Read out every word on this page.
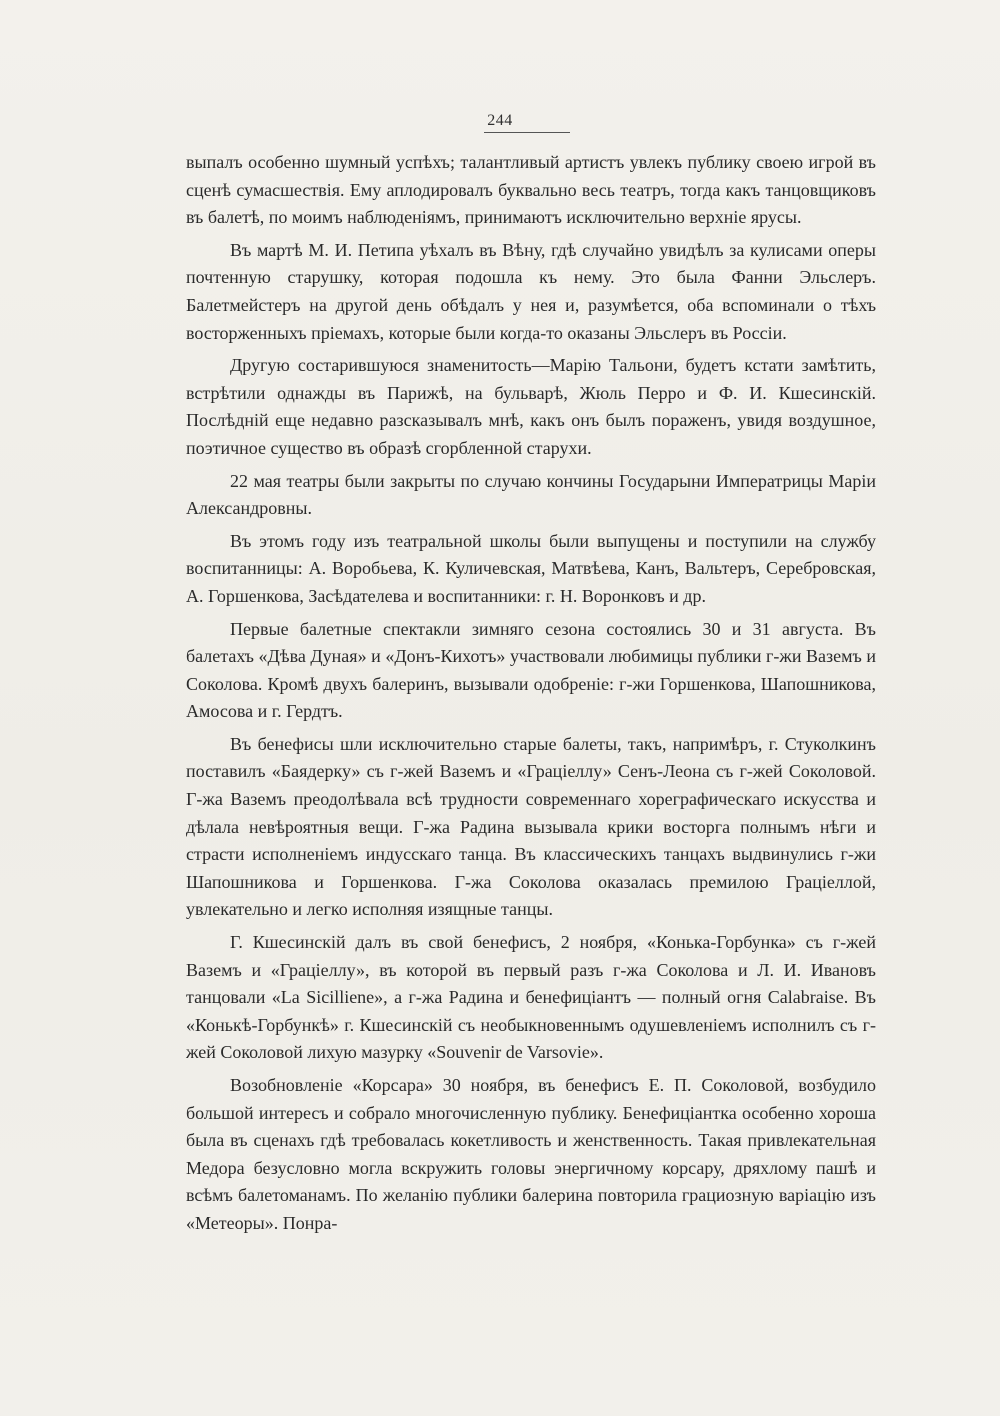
244

выпалъ особенно шумный успѣхъ; талантливый артистъ увлекъ публику своею игрой въ сценѣ сумасшествія. Ему аплодировалъ буквально весь театръ, тогда какъ танцовщиковъ въ балетѣ, по моимъ наблюденіямъ, принимаютъ исключительно верхніе ярусы.

Въ мартѣ М. И. Петипа уѣхалъ въ Вѣну, гдѣ случайно увидѣлъ за кулисами оперы почтенную старушку, которая подошла къ нему. Это была Фанни Эльслеръ. Балетмейстеръ на другой день обѣдалъ у нея и, разумѣется, оба вспоминали о тѣхъ восторженныхъ пріемахъ, которые были когда-то оказаны Эльслеръ въ Россіи.

Другую состарившуюся знаменитость—Марію Тальони, будетъ кстати замѣтить, встрѣтили однажды въ Парижѣ, на бульварѣ, Жюль Перро и Ф. И. Кшесинскій. Послѣдній еще недавно разсказывалъ мнѣ, какъ онъ былъ пораженъ, увидя воздушное, поэтичное существо въ образѣ сгорбленной старухи.

22 мая театры были закрыты по случаю кончины Государыни Императрицы Маріи Александровны.

Въ этомъ году изъ театральной школы были выпущены и поступили на службу воспитанницы: А. Воробьева, К. Куличевская, Матвѣева, Канъ, Вальтеръ, Серебровская, А. Горшенкова, Засѣдателева и воспитанники: г. Н. Воронковъ и др.

Первые балетные спектакли зимняго сезона состоялись 30 и 31 августа. Въ балетахъ «Дѣва Дуная» и «Донъ-Кихотъ» участвовали любимицы публики г-жи Вaземъ и Соколова. Кромѣ двухъ балеринъ, вызывали одобреніе: г-жи Горшенкова, Шапошникова, Амосова и г. Гердтъ.

Въ бенефисы шли исключительно старые балеты, такъ, напримѣръ, г. Стуколкинъ поставилъ «Баядерку» съ г-жей Вaземъ и «Граціеллу» Сенъ-Леона съ г-жей Соколовой. Г-жа Вaземъ преодолѣвала всѣ трудности современнаго хореграфическаго искусства и дѣлала невѣроятныя вещи. Г-жа Радина вызывала крики восторга полнымъ нѣги и страсти исполненіемъ индусскаго танца. Въ классическихъ танцахъ выдвинулись г-жи Шапошникова и Горшенкова. Г-жа Соколова оказалась премилою Граціеллой, увлекательно и легко исполняя изящные танцы.

Г. Кшесинскій далъ въ свой бенефисъ, 2 ноября, «Конька-Горбунка» съ г-жей Вaземъ и «Граціеллу», въ которой въ первый разъ г-жа Соколова и Л. И. Ивановъ танцовали «La Sicilliene», а г-жа Радина и бенефиціантъ — полный огня Calabraise. Въ «Конькѣ-Горбункѣ» г. Кшесинскій съ необыкновеннымъ одушевленіемъ исполнилъ съ г-жей Соколовой лихую мазурку «Souvenir de Varsovie».

Возобновленіе «Корсара» 30 ноября, въ бенефисъ Е. П. Соколовой, возбудило большой интересъ и собрало многочисленную публику. Бенефиціантка особенно хороша была въ сценахъ гдѣ требовалась кокетливость и женственность. Такая привлекательная Медора безусловно могла вскружить головы энергичному корсару, дряхлому пашѣ и всѣмъ балетоманамъ. По желанію публики балерина повторила грациозную варіацію изъ «Метеоры». Понра-
